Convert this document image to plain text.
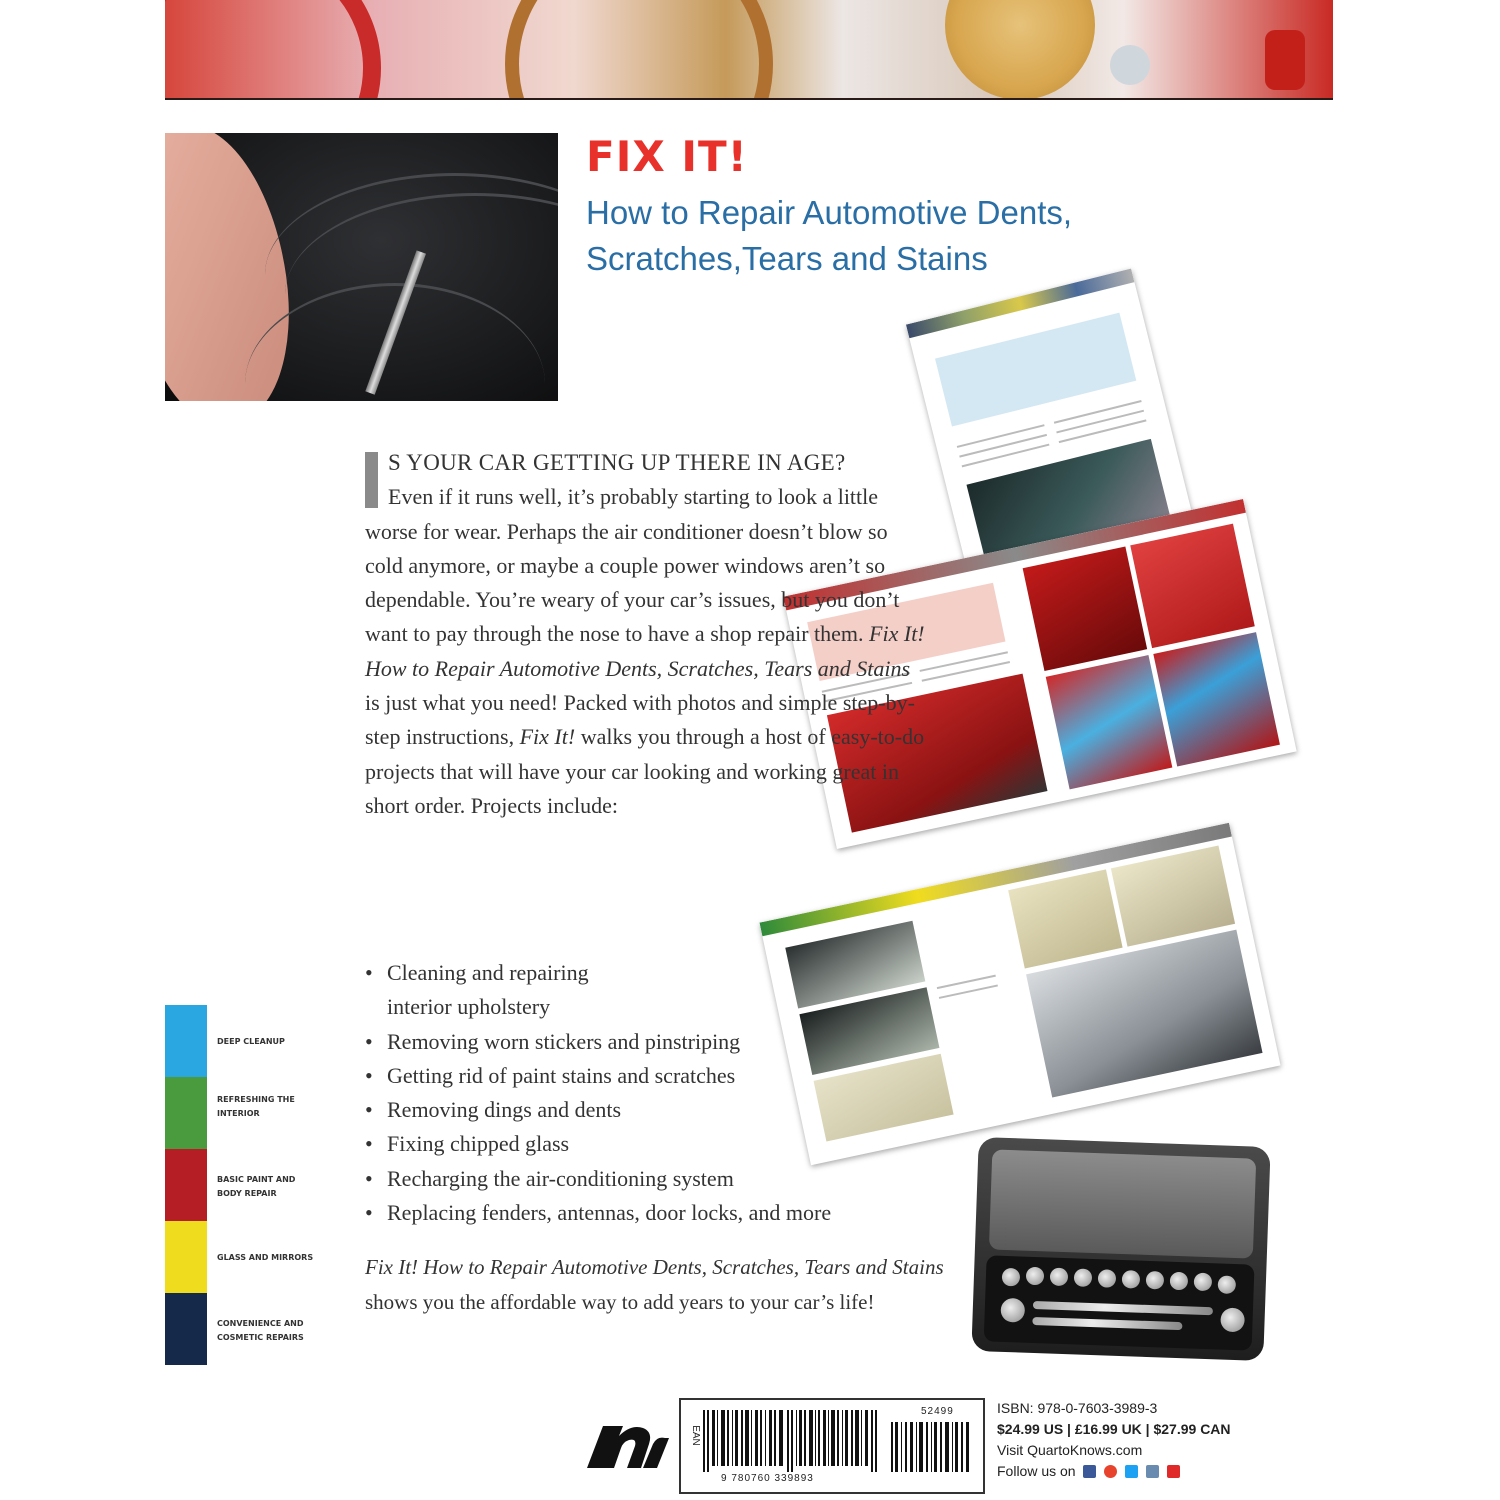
FIX IT!
How to Repair Automotive Dents,
Scratches,Tears and Stains
S YOUR CAR GETTING UP THERE IN AGE?
Even if it runs well, it’s probably starting to look a little worse for wear. Perhaps the air conditioner doesn’t blow so cold anymore, or maybe a couple power windows aren’t so dependable. You’re weary of your car’s issues, but you don’t want to pay through the nose to have a shop repair them. Fix It! How to Repair Automotive Dents, Scratches, Tears and Stains is just what you need! Packed with photos and simple step-by-step instructions, Fix It! walks you through a host of easy-to-do projects that will have your car looking and working great in short order. Projects include:
• Cleaning and repairing interior upholstery
• Removing worn stickers and pinstriping
• Getting rid of paint stains and scratches
• Removing dings and dents
• Fixing chipped glass
• Recharging the air-conditioning system
• Replacing fenders, antennas, door locks, and more
Fix It! How to Repair Automotive Dents, Scratches, Tears and Stains
shows you the affordable way to add years to your car’s life!
DEEP CLEANUP
REFRESHING THE INTERIOR
BASIC PAINT AND BODY REPAIR
GLASS AND MIRRORS
CONVENIENCE AND COSMETIC REPAIRS
EAN
9 780760 339893
52499	ISBN: 978-0-7603-3989-3
$24.99 US | £16.99 UK | $27.99 CAN
Visit QuartoKnows.com
Follow us on
